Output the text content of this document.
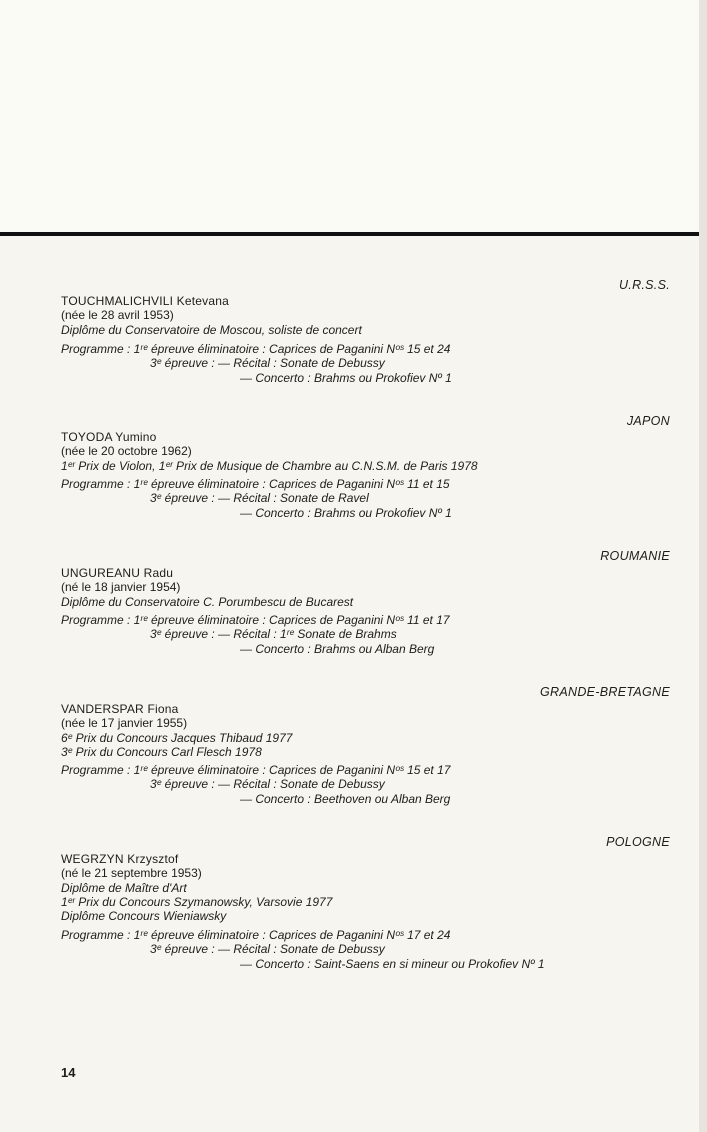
U.R.S.S.
TOUCHMALICHVILI Ketevana
(née le 28 avril 1953)
Diplôme du Conservatoire de Moscou, soliste de concert
Programme : 1ʳᵉ épreuve éliminatoire : Caprices de Paganini Nᵒˢ 15 et 24
3ᵉ épreuve : — Récital : Sonate de Debussy
— Concerto : Brahms ou Prokofiev Nº 1
JAPON
TOYODA Yumino
(née le 20 octobre 1962)
1ᵉʳ Prix de Violon, 1ᵉʳ Prix de Musique de Chambre au C.N.S.M. de Paris 1978
Programme : 1ʳᵉ épreuve éliminatoire : Caprices de Paganini Nᵒˢ 11 et 15
3ᵉ épreuve : — Récital : Sonate de Ravel
— Concerto : Brahms ou Prokofiev Nº 1
ROUMANIE
UNGUREANU Radu
(né le 18 janvier 1954)
Diplôme du Conservatoire C. Porumbescu de Bucarest
Programme : 1ʳᵉ épreuve éliminatoire : Caprices de Paganini Nᵒˢ 11 et 17
3ᵉ épreuve : — Récital : 1ʳᵉ Sonate de Brahms
— Concerto : Brahms ou Alban Berg
GRANDE-BRETAGNE
VANDERSPAR Fiona
(née le 17 janvier 1955)
6ᵉ Prix du Concours Jacques Thibaud 1977
3ᵉ Prix du Concours Carl Flesch 1978
Programme : 1ʳᵉ épreuve éliminatoire : Caprices de Paganini Nᵒˢ 15 et 17
3ᵉ épreuve : — Récital : Sonate de Debussy
— Concerto : Beethoven ou Alban Berg
POLOGNE
WEGRZYN Krzysztof
(né le 21 septembre 1953)
Diplôme de Maître d'Art
1ᵉʳ Prix du Concours Szymanowsky, Varsovie 1977
Diplôme Concours Wieniawsky
Programme : 1ʳᵉ épreuve éliminatoire : Caprices de Paganini Nᵒˢ 17 et 24
3ᵉ épreuve : — Récital : Sonate de Debussy
— Concerto : Saint-Saens en si mineur ou Prokofiev Nº 1
14
